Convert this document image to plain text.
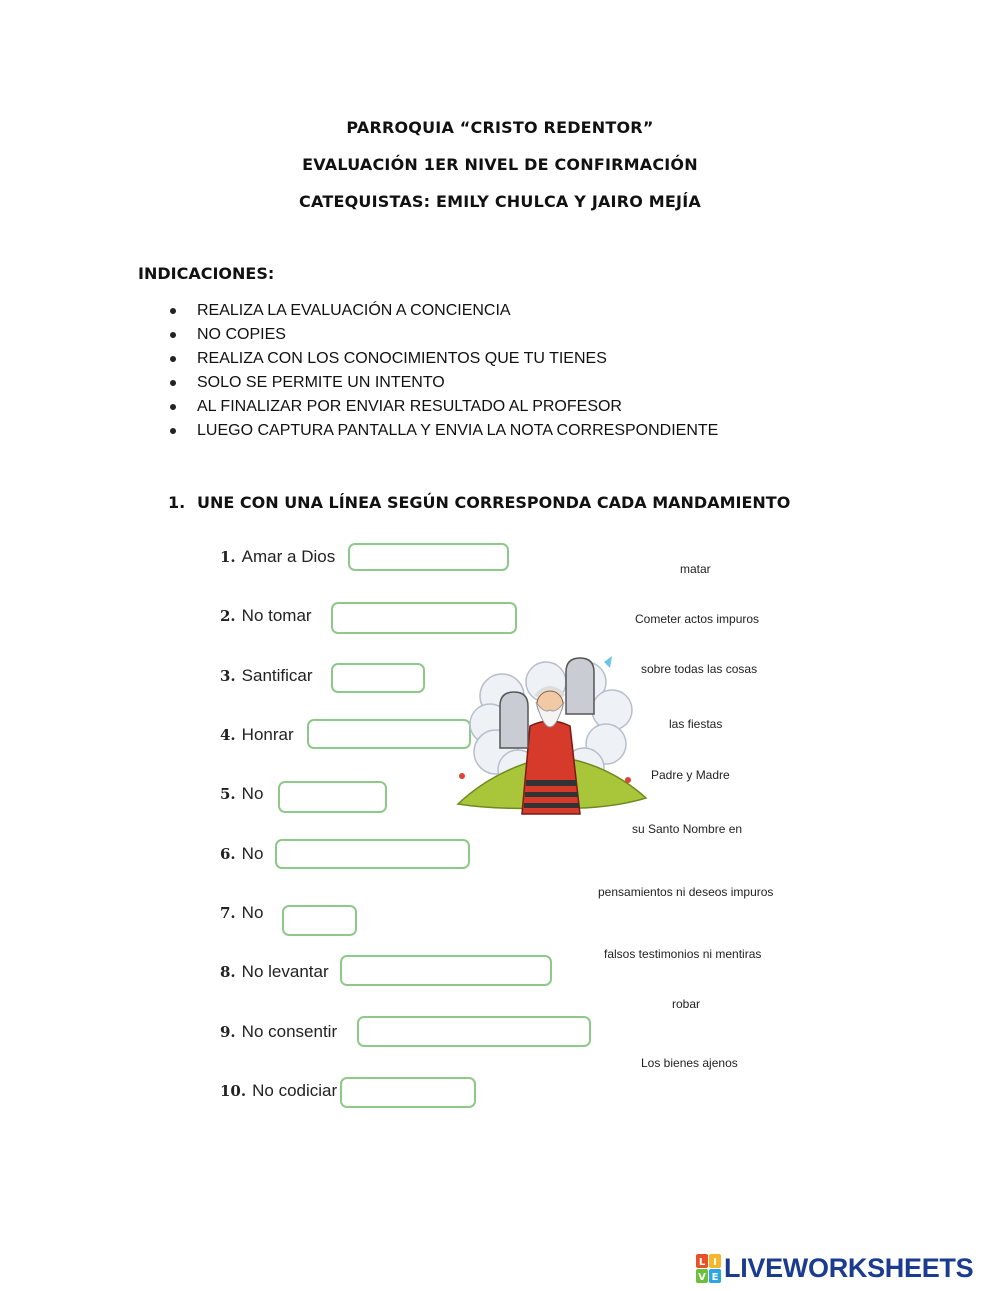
PARROQUIA “CRISTO REDENTOR”
EVALUACIÓN 1ER NIVEL DE CONFIRMACIÓN
CATEQUISTAS: EMILY CHULCA Y JAIRO MEJÍA
INDICACIONES:
REALIZA LA EVALUACIÓN A CONCIENCIA
NO COPIES
REALIZA CON LOS CONOCIMIENTOS QUE TU TIENES
SOLO SE PERMITE UN INTENTO
AL FINALIZAR POR ENVIAR RESULTADO AL PROFESOR
LUEGO CAPTURA PANTALLA Y ENVIA LA NOTA CORRESPONDIENTE
1. UNE CON UNA LÍNEA SEGÚN CORRESPONDA CADA MANDAMIENTO
1. Amar a Dios
2. No tomar
3. Santificar
4. Honrar
5. No
6. No
7. No
8. No levantar
9. No consentir
10. No codiciar
matar
Cometer actos impuros
sobre todas las cosas
las fiestas
Padre y Madre
su Santo Nombre en
pensamientos ni deseos impuros
falsos testimonios ni mentiras
robar
Los bienes ajenos
L I
V E LIVEWORKSHEETS
